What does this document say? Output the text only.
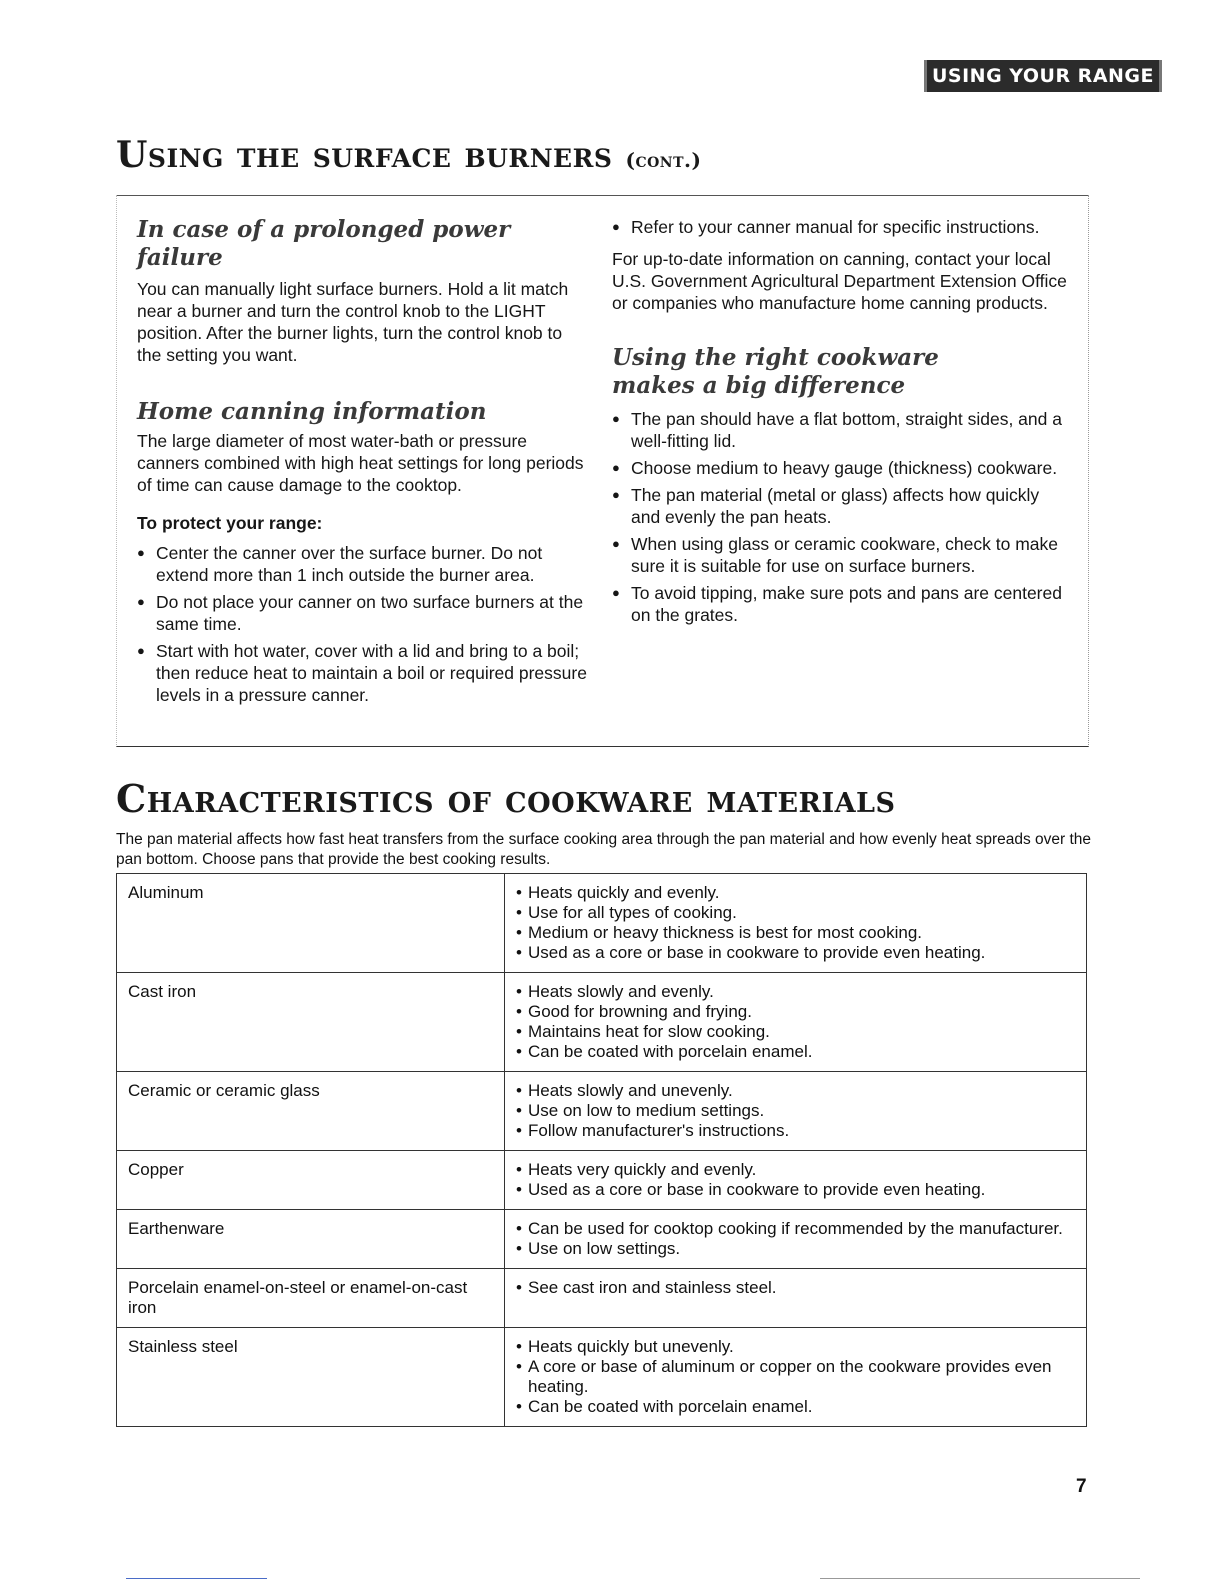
USING YOUR RANGE
Using the surface burners (cont.)

In case of a prolonged power failure

You can manually light surface burners. Hold a lit match near a burner and turn the control knob to the LIGHT position. After the burner lights, turn the control knob to the setting you want.

Home canning information

The large diameter of most water-bath or pressure canners combined with high heat settings for long periods of time can cause damage to the cooktop.

To protect your range:

● Center the canner over the surface burner. Do not extend more than 1 inch outside the burner area.
● Do not place your canner on two surface burners at the same time.
● Start with hot water, cover with a lid and bring to a boil; then reduce heat to maintain a boil or required pressure levels in a pressure canner.
● Refer to your canner manual for specific instructions.

For up-to-date information on canning, contact your local U.S. Government Agricultural Department Extension Office or companies who manufacture home canning products.

Using the right cookware makes a big difference

● The pan should have a flat bottom, straight sides, and a well-fitting lid.
● Choose medium to heavy gauge (thickness) cookware.
● The pan material (metal or glass) affects how quickly and evenly the pan heats.
● When using glass or ceramic cookware, check to make sure it is suitable for use on surface burners.
● To avoid tipping, make sure pots and pans are centered on the grates.
Characteristics of cookware materials
The pan material affects how fast heat transfers from the surface cooking area through the pan material and how evenly heat spreads over the pan bottom. Choose pans that provide the best cooking results.
Aluminum	• Heats quickly and evenly.
• Use for all types of cooking.
• Medium or heavy thickness is best for most cooking.
• Used as a core or base in cookware to provide even heating.

Cast iron	• Heats slowly and evenly.
• Good for browning and frying.
• Maintains heat for slow cooking.
• Can be coated with porcelain enamel.

Ceramic or ceramic glass	• Heats slowly and unevenly.
• Use on low to medium settings.
• Follow manufacturer's instructions.

Copper	• Heats very quickly and evenly.
• Used as a core or base in cookware to provide even heating.

Earthenware	• Can be used for cooktop cooking if recommended by the manufacturer.
• Use on low settings.

Porcelain enamel-on-steel or enamel-on-cast iron	• See cast iron and stainless steel.

Stainless steel	• Heats quickly but unevenly.
• A core or base of aluminum or copper on the cookware provides even heating.
• Can be coated with porcelain enamel.
7
